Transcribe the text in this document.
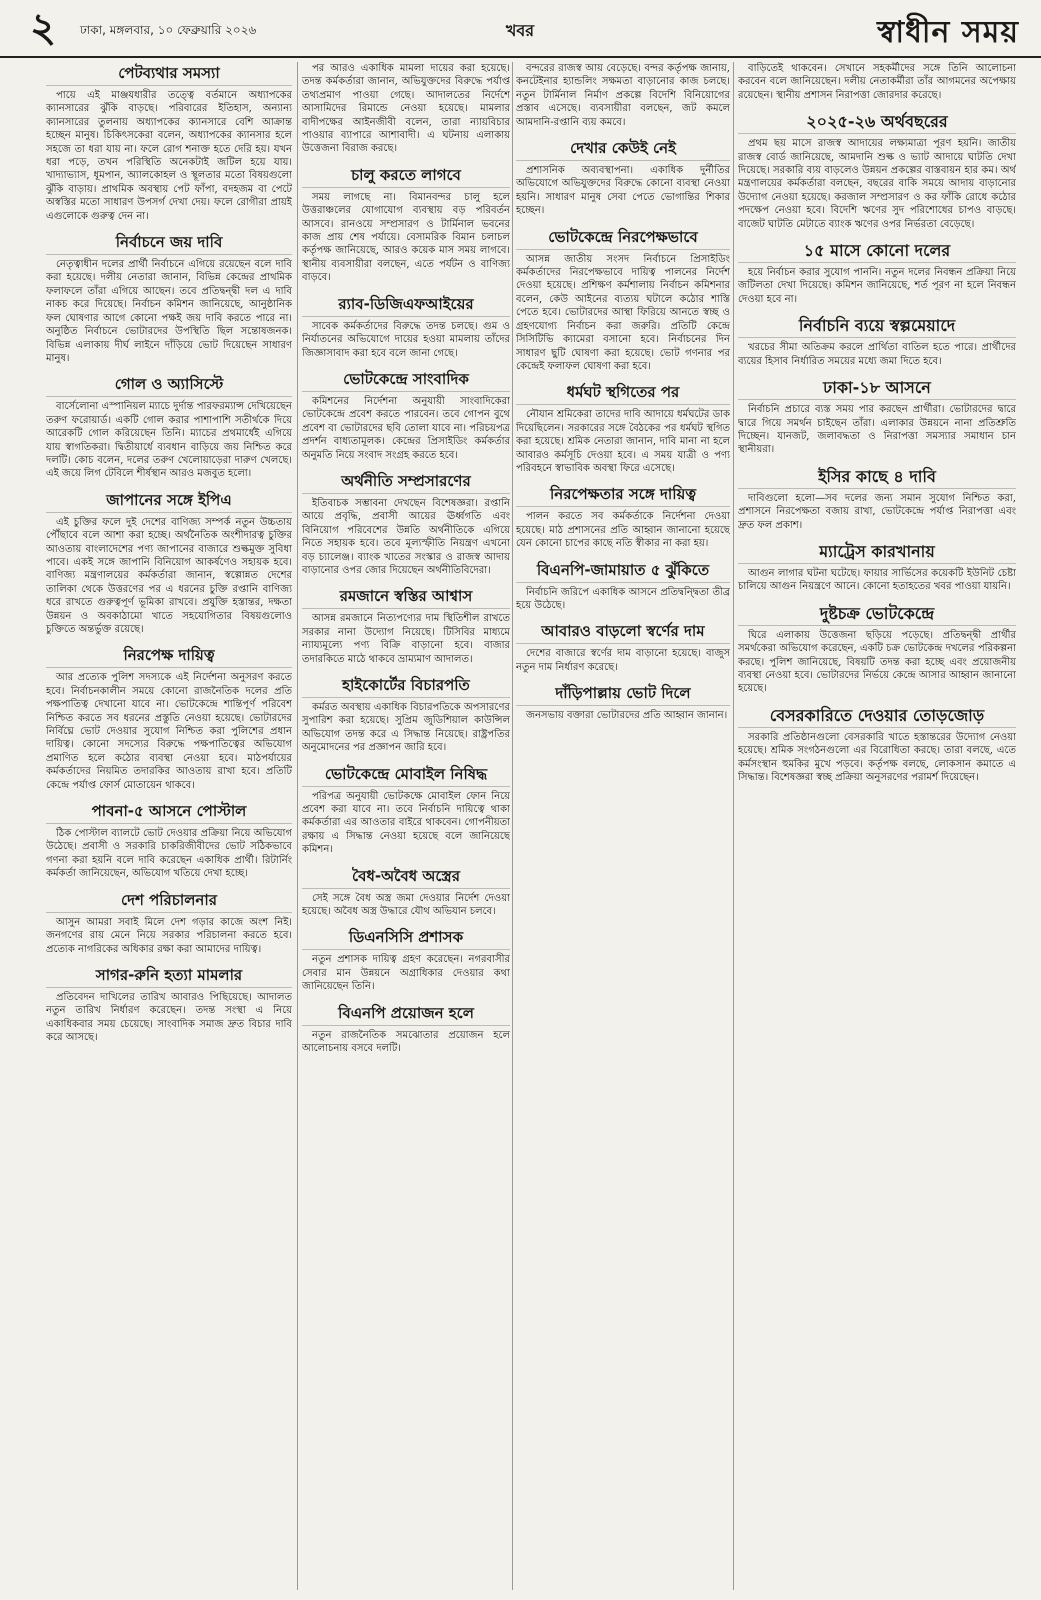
২ ঢাকা, মঙ্গলবার, ১০ ফেব্রুয়ারি ২০২৬	খবর	স্বাধীন সময়
পেটব্যথার সমস্যা

পায়ে এই মাঞ্জযধারীর তত্ত্বে বর্তমানে অধ্যাপকের ক্যানসারের ঝুঁকি বাড়ছে। পরিবারের ইতিহাস, অন্যান্য ক্যানসারের তুলনায় অধ্যাপকের ক্যানসারে বেশি আক্রান্ত হচ্ছেন মানুষ। চিকিৎসকেরা বলেন, অধ্যাপকের ক্যানসার হলে সহজে তা ধরা যায় না। ফলে রোগ শনাক্ত হতে দেরি হয়। যখন ধরা পড়ে, তখন পরিস্থিতি অনেকটাই জটিল হয়ে যায়। খাদ্যাভ্যাস, ধূমপান, অ্যালকোহল ও স্থূলতার মতো বিষয়গুলো ঝুঁকি বাড়ায়। প্রাথমিক অবস্থায় পেট ফাঁপা, বদহজম বা পেটে অস্বস্তির মতো সাধারণ উপসর্গ দেখা দেয়। ফলে রোগীরা প্রায়ই এগুলোকে গুরুত্ব দেন না।

নির্বাচনে জয় দাবি

নেতৃত্বাধীন দলের প্রার্থী নির্বাচনে এগিয়ে রয়েছেন বলে দাবি করা হয়েছে। দলীয় নেতারা জানান, বিভিন্ন কেন্দ্রের প্রাথমিক ফলাফলে তাঁরা এগিয়ে আছেন। তবে প্রতিদ্বন্দ্বী দল এ দাবি নাকচ করে দিয়েছে। নির্বাচন কমিশন জানিয়েছে, আনুষ্ঠানিক ফল ঘোষণার আগে কোনো পক্ষই জয় দাবি করতে পারে না। অনুষ্ঠিত নির্বাচনে ভোটারদের উপস্থিতি ছিল সন্তোষজনক। বিভিন্ন এলাকায় দীর্ঘ লাইনে দাঁড়িয়ে ভোট দিয়েছেন সাধারণ মানুষ।

গোল ও অ্যাসিস্টে

বার্সেলোনা এস্পানিয়ল ম্যাচে দুর্দান্ত পারফরম্যান্স দেখিয়েছেন তরুণ ফরোয়ার্ড। একটি গোল করার পাশাপাশি সতীর্থকে দিয়ে আরেকটি গোল করিয়েছেন তিনি। ম্যাচের প্রথমার্ধেই এগিয়ে যায় স্বাগতিকরা। দ্বিতীয়ার্ধে ব্যবধান বাড়িয়ে জয় নিশ্চিত করে দলটি। কোচ বলেন, দলের তরুণ খেলোয়াড়েরা দারুণ খেলছে। এই জয়ে লিগ টেবিলে শীর্ষস্থান আরও মজবুত হলো।

জাপানের সঙ্গে ইপিএ

এই চুক্তির ফলে দুই দেশের বাণিজ্য সম্পর্ক নতুন উচ্চতায় পৌঁছাবে বলে আশা করা হচ্ছে। অর্থনৈতিক অংশীদারত্ব চুক্তির আওতায় বাংলাদেশের পণ্য জাপানের বাজারে শুল্কমুক্ত সুবিধা পাবে। একই সঙ্গে জাপানি বিনিয়োগ আকর্ষণেও সহায়ক হবে। বাণিজ্য মন্ত্রণালয়ের কর্মকর্তারা জানান, স্বল্পোন্নত দেশের তালিকা থেকে উত্তরণের পর এ ধরনের চুক্তি রপ্তানি বাণিজ্য ধরে রাখতে গুরুত্বপূর্ণ ভূমিকা রাখবে। প্রযুক্তি হস্তান্তর, দক্ষতা উন্নয়ন ও অবকাঠামো খাতে সহযোগিতার বিষয়গুলোও চুক্তিতে অন্তর্ভুক্ত রয়েছে।

নিরপেক্ষ দায়িত্ব

আর প্রত্যেক পুলিশ সদস্যকে এই নির্দেশনা অনুসরণ করতে হবে। নির্বাচনকালীন সময়ে কোনো রাজনৈতিক দলের প্রতি পক্ষপাতিত্ব দেখানো যাবে না। ভোটকেন্দ্রে শান্তিপূর্ণ পরিবেশ নিশ্চিত করতে সব ধরনের প্রস্তুতি নেওয়া হয়েছে। ভোটারদের নির্বিঘ্নে ভোট দেওয়ার সুযোগ নিশ্চিত করা পুলিশের প্রধান দায়িত্ব। কোনো সদস্যের বিরুদ্ধে পক্ষপাতিত্বের অভিযোগ প্রমাণিত হলে কঠোর ব্যবস্থা নেওয়া হবে। মাঠপর্যায়ের কর্মকর্তাদের নিয়মিত তদারকির আওতায় রাখা হবে। প্রতিটি কেন্দ্রে পর্যাপ্ত ফোর্স মোতায়েন থাকবে।

পাবনা-৫ আসনে পোস্টাল

ঠিক পোস্টাল ব্যালটে ভোট দেওয়ার প্রক্রিয়া নিয়ে অভিযোগ উঠেছে। প্রবাসী ও সরকারি চাকরিজীবীদের ভোট সঠিকভাবে গণনা করা হয়নি বলে দাবি করেছেন একাধিক প্রার্থী। রিটার্নিং কর্মকর্তা জানিয়েছেন, অভিযোগ খতিয়ে দেখা হচ্ছে।

দেশ পরিচালনার

আসুন আমরা সবাই মিলে দেশ গড়ার কাজে অংশ নিই। জনগণের রায় মেনে নিয়ে সরকার পরিচালনা করতে হবে। প্রত্যেক নাগরিকের অধিকার রক্ষা করা আমাদের দায়িত্ব।

সাগর-রুনি হত্যা মামলার

প্রতিবেদন দাখিলের তারিখ আবারও পিছিয়েছে। আদালত নতুন তারিখ নির্ধারণ করেছেন। তদন্ত সংস্থা এ নিয়ে একাধিকবার সময় চেয়েছে। সাংবাদিক সমাজ দ্রুত বিচার দাবি করে আসছে।

পর আরও একাধিক মামলা দায়ের করা হয়েছে। তদন্ত কর্মকর্তারা জানান, অভিযুক্তদের বিরুদ্ধে পর্যাপ্ত তথ্যপ্রমাণ পাওয়া গেছে। আদালতের নির্দেশে আসামিদের রিমান্ডে নেওয়া হয়েছে। মামলার বাদীপক্ষের আইনজীবী বলেন, তারা ন্যায়বিচার পাওয়ার ব্যাপারে আশাবাদী। এ ঘটনায় এলাকায় উত্তেজনা বিরাজ করছে।

চালু করতে লাগবে

সময় লাগছে না। বিমানবন্দর চালু হলে উত্তরাঞ্চলের যোগাযোগ ব্যবস্থায় বড় পরিবর্তন আসবে। রানওয়ে সম্প্রসারণ ও টার্মিনাল ভবনের কাজ প্রায় শেষ পর্যায়ে। বেসামরিক বিমান চলাচল কর্তৃপক্ষ জানিয়েছে, আরও কয়েক মাস সময় লাগবে। স্থানীয় ব্যবসায়ীরা বলছেন, এতে পর্যটন ও বাণিজ্য বাড়বে।

র‍্যাব-ডিজিএফআইয়ের

সাবেক কর্মকর্তাদের বিরুদ্ধে তদন্ত চলছে। গুম ও নির্যাতনের অভিযোগে দায়ের হওয়া মামলায় তাঁদের জিজ্ঞাসাবাদ করা হবে বলে জানা গেছে।

ভোটকেন্দ্রে সাংবাদিক

কমিশনের নির্দেশনা অনুযায়ী সাংবাদিকেরা ভোটকেন্দ্রে প্রবেশ করতে পারবেন। তবে গোপন বুথে প্রবেশ বা ভোটারদের ছবি তোলা যাবে না। পরিচয়পত্র প্রদর্শন বাধ্যতামূলক। কেন্দ্রের প্রিসাইডিং কর্মকর্তার অনুমতি নিয়ে সংবাদ সংগ্রহ করতে হবে।

অর্থনীতি সম্প্রসারণের

ইতিবাচক সম্ভাবনা দেখছেন বিশেষজ্ঞরা। রপ্তানি আয়ে প্রবৃদ্ধি, প্রবাসী আয়ের ঊর্ধ্বগতি এবং বিনিয়োগ পরিবেশের উন্নতি অর্থনীতিকে এগিয়ে নিতে সহায়ক হবে। তবে মূল্যস্ফীতি নিয়ন্ত্রণ এখনো বড় চ্যালেঞ্জ। ব্যাংক খাতের সংস্কার ও রাজস্ব আদায় বাড়ানোর ওপর জোর দিয়েছেন অর্থনীতিবিদেরা।

রমজানে স্বস্তির আশ্বাস

আসন্ন রমজানে নিত্যপণ্যের দাম স্থিতিশীল রাখতে সরকার নানা উদ্যোগ নিয়েছে। টিসিবির মাধ্যমে ন্যায্যমূল্যে পণ্য বিক্রি বাড়ানো হবে। বাজার তদারকিতে মাঠে থাকবে ভ্রাম্যমাণ আদালত।

হাইকোর্টের বিচারপতি

কর্মরত অবস্থায় একাধিক বিচারপতিকে অপসারণের সুপারিশ করা হয়েছে। সুপ্রিম জুডিশিয়াল কাউন্সিল অভিযোগ তদন্ত করে এ সিদ্ধান্ত নিয়েছে। রাষ্ট্রপতির অনুমোদনের পর প্রজ্ঞাপন জারি হবে।

ভোটকেন্দ্রে মোবাইল নিষিদ্ধ

পরিপত্র অনুযায়ী ভোটকক্ষে মোবাইল ফোন নিয়ে প্রবেশ করা যাবে না। তবে নির্বাচনি দায়িত্বে থাকা কর্মকর্তারা এর আওতার বাইরে থাকবেন। গোপনীয়তা রক্ষায় এ সিদ্ধান্ত নেওয়া হয়েছে বলে জানিয়েছে কমিশন।

বৈধ-অবৈধ অস্ত্রের

সেই সঙ্গে বৈধ অস্ত্র জমা দেওয়ার নির্দেশ দেওয়া হয়েছে। অবৈধ অস্ত্র উদ্ধারে যৌথ অভিযান চলবে।

ডিএনসিসি প্রশাসক

নতুন প্রশাসক দায়িত্ব গ্রহণ করেছেন। নগরবাসীর সেবার মান উন্নয়নে অগ্রাধিকার দেওয়ার কথা জানিয়েছেন তিনি।

বিএনপি প্রয়োজন হলে

নতুন রাজনৈতিক সমঝোতার প্রয়োজন হলে আলোচনায় বসবে দলটি।

বন্দরের রাজস্ব আয় বেড়েছে। বন্দর কর্তৃপক্ষ জানায়, কনটেইনার হ্যান্ডলিং সক্ষমতা বাড়ানোর কাজ চলছে। নতুন টার্মিনাল নির্মাণ প্রকল্পে বিদেশি বিনিয়োগের প্রস্তাব এসেছে। ব্যবসায়ীরা বলছেন, জট কমলে আমদানি-রপ্তানি ব্যয় কমবে।

দেখার কেউই নেই

প্রশাসনিক অব্যবস্থাপনা। একাধিক দুর্নীতির অভিযোগে অভিযুক্তদের বিরুদ্ধে কোনো ব্যবস্থা নেওয়া হয়নি। সাধারণ মানুষ সেবা পেতে ভোগান্তির শিকার হচ্ছেন।

ভোটকেন্দ্রে নিরপেক্ষভাবে

আসন্ন জাতীয় সংসদ নির্বাচনে প্রিসাইডিং কর্মকর্তাদের নিরপেক্ষভাবে দায়িত্ব পালনের নির্দেশ দেওয়া হয়েছে। প্রশিক্ষণ কর্মশালায় নির্বাচন কমিশনার বলেন, কেউ আইনের ব্যত্যয় ঘটালে কঠোর শাস্তি পেতে হবে। ভোটারদের আস্থা ফিরিয়ে আনতে স্বচ্ছ ও গ্রহণযোগ্য নির্বাচন করা জরুরি। প্রতিটি কেন্দ্রে সিসিটিভি ক্যামেরা বসানো হবে। নির্বাচনের দিন সাধারণ ছুটি ঘোষণা করা হয়েছে। ভোট গণনার পর কেন্দ্রেই ফলাফল ঘোষণা করা হবে।

ধর্মঘট স্থগিতের পর

নৌযান শ্রমিকেরা তাদের দাবি আদায়ে ধর্মঘটের ডাক দিয়েছিলেন। সরকারের সঙ্গে বৈঠকের পর ধর্মঘট স্থগিত করা হয়েছে। শ্রমিক নেতারা জানান, দাবি মানা না হলে আবারও কর্মসূচি দেওয়া হবে। এ সময় যাত্রী ও পণ্য পরিবহনে স্বাভাবিক অবস্থা ফিরে এসেছে।

নিরপেক্ষতার সঙ্গে দায়িত্ব

পালন করতে সব কর্মকর্তাকে নির্দেশনা দেওয়া হয়েছে। মাঠ প্রশাসনের প্রতি আহ্বান জানানো হয়েছে যেন কোনো চাপের কাছে নতি স্বীকার না করা হয়।

বিএনপি-জামায়াত ৫ ঝুঁকিতে

নির্বাচনি জরিপে একাধিক আসনে প্রতিদ্বন্দ্বিতা তীব্র হয়ে উঠেছে।

আবারও বাড়লো স্বর্ণের দাম

দেশের বাজারে স্বর্ণের দাম বাড়ানো হয়েছে। বাজুস নতুন দাম নির্ধারণ করেছে।

দাঁড়িপাল্লায় ভোট দিলে

জনসভায় বক্তারা ভোটারদের প্রতি আহ্বান জানান।

বাড়িতেই থাকবেন। সেখানে সহকর্মীদের সঙ্গে তিনি আলোচনা করবেন বলে জানিয়েছেন। দলীয় নেতাকর্মীরা তাঁর আগমনের অপেক্ষায় রয়েছেন। স্থানীয় প্রশাসন নিরাপত্তা জোরদার করেছে।

২০২৫-২৬ অর্থবছরের

প্রথম ছয় মাসে রাজস্ব আদায়ের লক্ষ্যমাত্রা পূরণ হয়নি। জাতীয় রাজস্ব বোর্ড জানিয়েছে, আমদানি শুল্ক ও ভ্যাট আদায়ে ঘাটতি দেখা দিয়েছে। সরকারি ব্যয় বাড়লেও উন্নয়ন প্রকল্পের বাস্তবায়ন হার কম। অর্থ মন্ত্রণালয়ের কর্মকর্তারা বলছেন, বছরের বাকি সময়ে আদায় বাড়ানোর উদ্যোগ নেওয়া হয়েছে। করজাল সম্প্রসারণ ও কর ফাঁকি রোধে কঠোর পদক্ষেপ নেওয়া হবে। বিদেশি ঋণের সুদ পরিশোধের চাপও বাড়ছে। বাজেট ঘাটতি মেটাতে ব্যাংক ঋণের ওপর নির্ভরতা বেড়েছে।

১৫ মাসে কোনো দলের

হয়ে নির্বাচন করার সুযোগ পাননি। নতুন দলের নিবন্ধন প্রক্রিয়া নিয়ে জটিলতা দেখা দিয়েছে। কমিশন জানিয়েছে, শর্ত পূরণ না হলে নিবন্ধন দেওয়া হবে না।

নির্বাচনি ব্যয়ে স্বল্পমেয়াদে

খরচের সীমা অতিক্রম করলে প্রার্থিতা বাতিল হতে পারে। প্রার্থীদের ব্যয়ের হিসাব নির্ধারিত সময়ের মধ্যে জমা দিতে হবে।

ঢাকা-১৮ আসনে

নির্বাচনি প্রচারে ব্যস্ত সময় পার করছেন প্রার্থীরা। ভোটারদের দ্বারে দ্বারে গিয়ে সমর্থন চাইছেন তাঁরা। এলাকার উন্নয়নে নানা প্রতিশ্রুতি দিচ্ছেন। যানজট, জলাবদ্ধতা ও নিরাপত্তা সমস্যার সমাধান চান স্থানীয়রা।

ইসির কাছে ৪ দাবি

দাবিগুলো হলো—সব দলের জন্য সমান সুযোগ নিশ্চিত করা, প্রশাসনে নিরপেক্ষতা বজায় রাখা, ভোটকেন্দ্রে পর্যাপ্ত নিরাপত্তা এবং দ্রুত ফল প্রকাশ।

ম্যাট্রেস কারখানায়

আগুন লাগার ঘটনা ঘটেছে। ফায়ার সার্ভিসের কয়েকটি ইউনিট চেষ্টা চালিয়ে আগুন নিয়ন্ত্রণে আনে। কোনো হতাহতের খবর পাওয়া যায়নি।

দুষ্টচক্র ভোটকেন্দ্রে

ঘিরে এলাকায় উত্তেজনা ছড়িয়ে পড়েছে। প্রতিদ্বন্দ্বী প্রার্থীর সমর্থকেরা অভিযোগ করেছেন, একটি চক্র ভোটকেন্দ্র দখলের পরিকল্পনা করছে। পুলিশ জানিয়েছে, বিষয়টি তদন্ত করা হচ্ছে এবং প্রয়োজনীয় ব্যবস্থা নেওয়া হবে। ভোটারদের নির্ভয়ে কেন্দ্রে আসার আহ্বান জানানো হয়েছে।

বেসরকারিতে দেওয়ার তোড়জোড়

সরকারি প্রতিষ্ঠানগুলো বেসরকারি খাতে হস্তান্তরের উদ্যোগ নেওয়া হয়েছে। শ্রমিক সংগঠনগুলো এর বিরোধিতা করছে। তারা বলছে, এতে কর্মসংস্থান হুমকির মুখে পড়বে। কর্তৃপক্ষ বলছে, লোকসান কমাতে এ সিদ্ধান্ত। বিশেষজ্ঞরা স্বচ্ছ প্রক্রিয়া অনুসরণের পরামর্শ দিয়েছেন।
